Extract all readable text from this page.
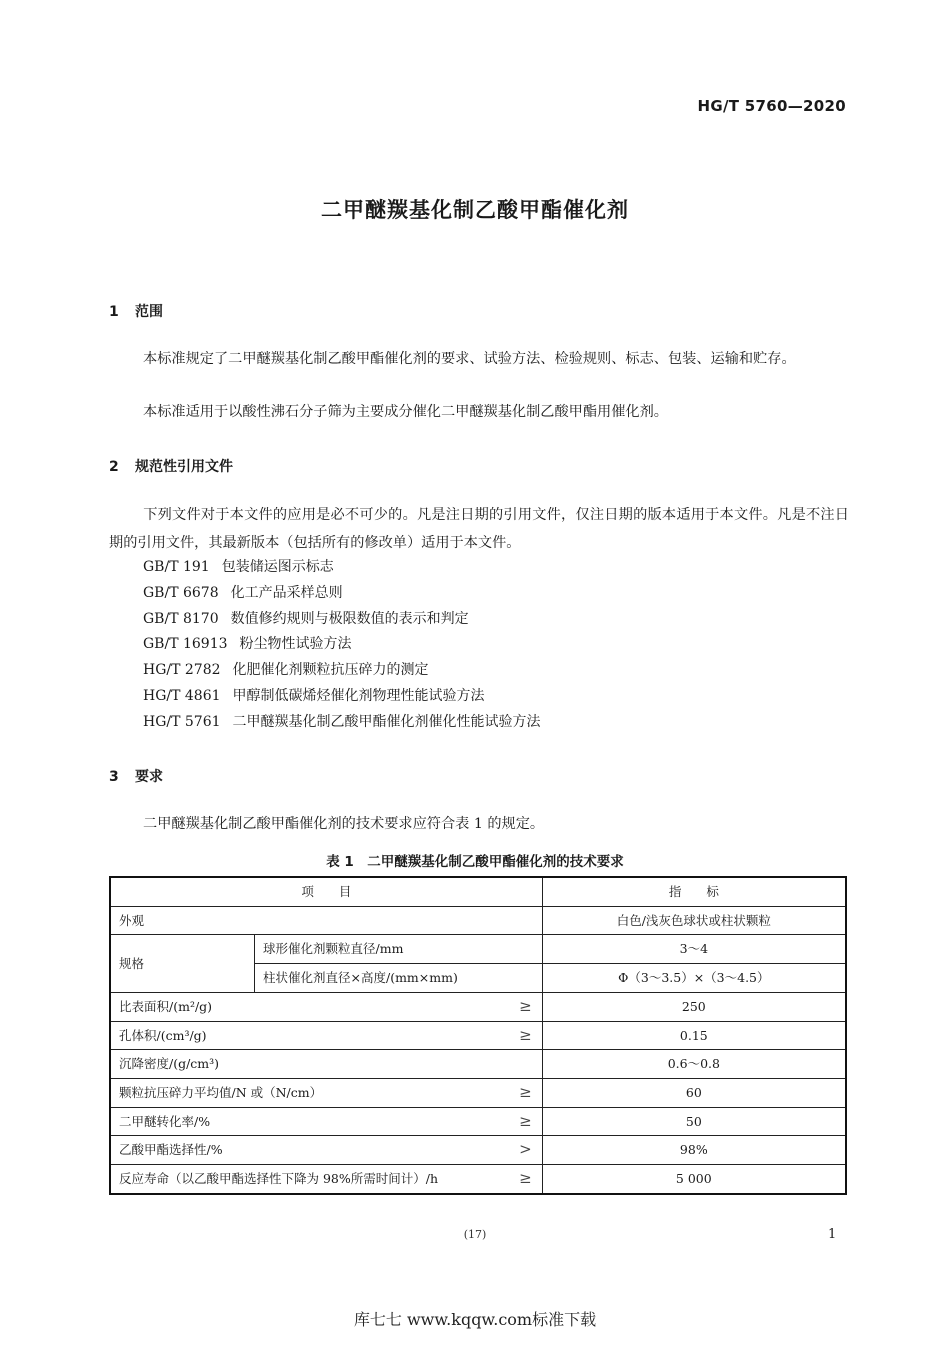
HG/T 5760—2020
二甲醚羰基化制乙酸甲酯催化剂
1 范围
本标准规定了二甲醚羰基化制乙酸甲酯催化剂的要求、试验方法、检验规则、标志、包装、运输和贮存。
本标准适用于以酸性沸石分子筛为主要成分催化二甲醚羰基化制乙酸甲酯用催化剂。
2 规范性引用文件
下列文件对于本文件的应用是必不可少的。凡是注日期的引用文件，仅注日期的版本适用于本文件。凡是不注日期的引用文件，其最新版本（包括所有的修改单）适用于本文件。
GB/T 191 包装储运图示标志
GB/T 6678 化工产品采样总则
GB/T 8170 数值修约规则与极限数值的表示和判定
GB/T 16913 粉尘物性试验方法
HG/T 2782 化肥催化剂颗粒抗压碎力的测定
HG/T 4861 甲醇制低碳烯烃催化剂物理性能试验方法
HG/T 5761 二甲醚羰基化制乙酸甲酯催化剂催化性能试验方法
3 要求
二甲醚羰基化制乙酸甲酯催化剂的技术要求应符合表 1 的规定。
表 1　二甲醚羰基化制乙酸甲酯催化剂的技术要求
项　　目		指　　标
外观		白色/浅灰色球状或柱状颗粒
规格	球形催化剂颗粒直径/mm	3～4
	柱状催化剂直径×高度/(mm×mm)	Φ（3～3.5）×（3～4.5）
比表面积/(m²/g) ≥		250
孔体积/(cm³/g) ≥		0.15
沉降密度/(g/cm³)		0.6～0.8
颗粒抗压碎力平均值/N 或（N/cm） ≥		60
二甲醚转化率/% ≥		50
乙酸甲酯选择性/% >		98%
反应寿命（以乙酸甲酯选择性下降为 98%所需时间计）/h ≥		5 000
(17)	1
库七七 www.kqqw.com标准下载
